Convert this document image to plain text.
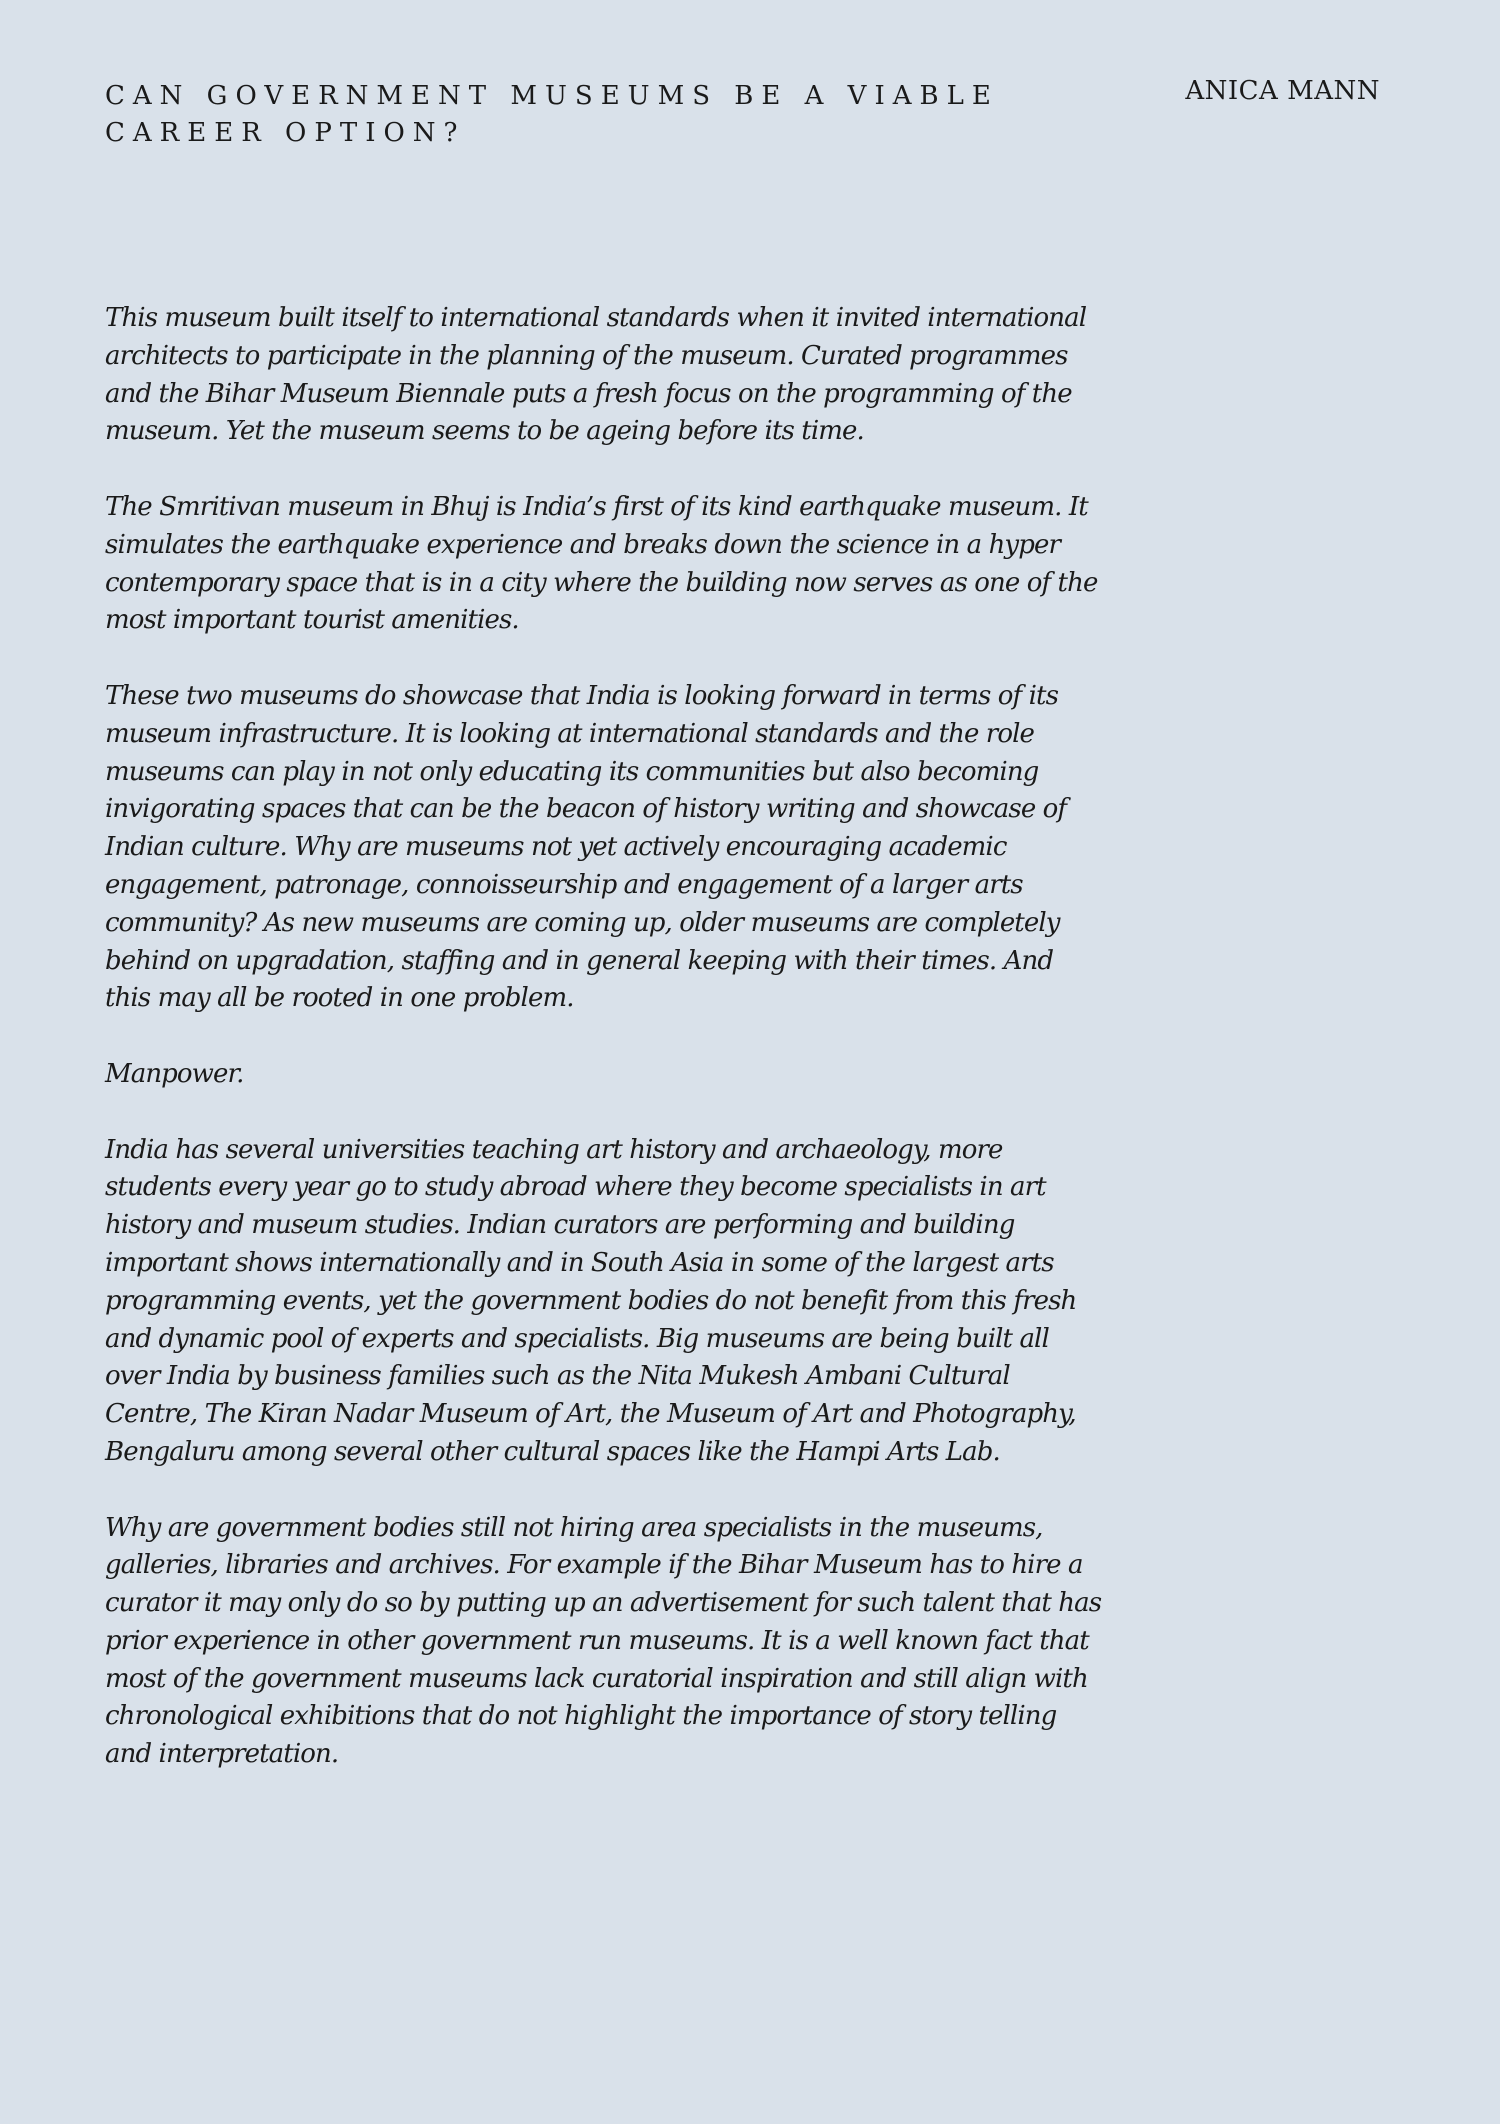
CAN GOVERNMENT MUSEUMS BE A VIABLE CAREER OPTION?
ANICA MANN

This museum built itself to international standards when it invited international architects to participate in the planning of the museum. Curated programmes and the Bihar Museum Biennale puts a fresh focus on the programming of the museum. Yet the museum seems to be ageing before its time.

The Smritivan museum in Bhuj is India’s first of its kind earthquake museum. It simulates the earthquake experience and breaks down the science in a hyper contemporary space that is in a city where the building now serves as one of the most important tourist amenities.

These two museums do showcase that India is looking forward in terms of its museum infrastructure. It is looking at international standards and the role museums can play in not only educating its communities but also becoming invigorating spaces that can be the beacon of history writing and showcase of Indian culture. Why are museums not yet actively encouraging academic engagement, patronage, connoisseurship and engagement of a larger arts community? As new museums are coming up, older museums are completely behind on upgradation, staffing and in general keeping with their times. And this may all be rooted in one problem.

Manpower.

India has several universities teaching art history and archaeology, more students every year go to study abroad where they become specialists in art history and museum studies. Indian curators are performing and building important shows internationally and in South Asia in some of the largest arts programming events, yet the government bodies do not benefit from this fresh and dynamic pool of experts and specialists. Big museums are being built all over India by business families such as the Nita Mukesh Ambani Cultural Centre, The Kiran Nadar Museum of Art, the Museum of Art and Photography, Bengaluru among several other cultural spaces like the Hampi Arts Lab.

Why are government bodies still not hiring area specialists in the museums, galleries, libraries and archives. For example if the Bihar Museum has to hire a curator it may only do so by putting up an advertisement for such talent that has prior experience in other government run museums. It is a well known fact that most of the government museums lack curatorial inspiration and still align with chronological exhibitions that do not highlight the importance of story telling and interpretation.
